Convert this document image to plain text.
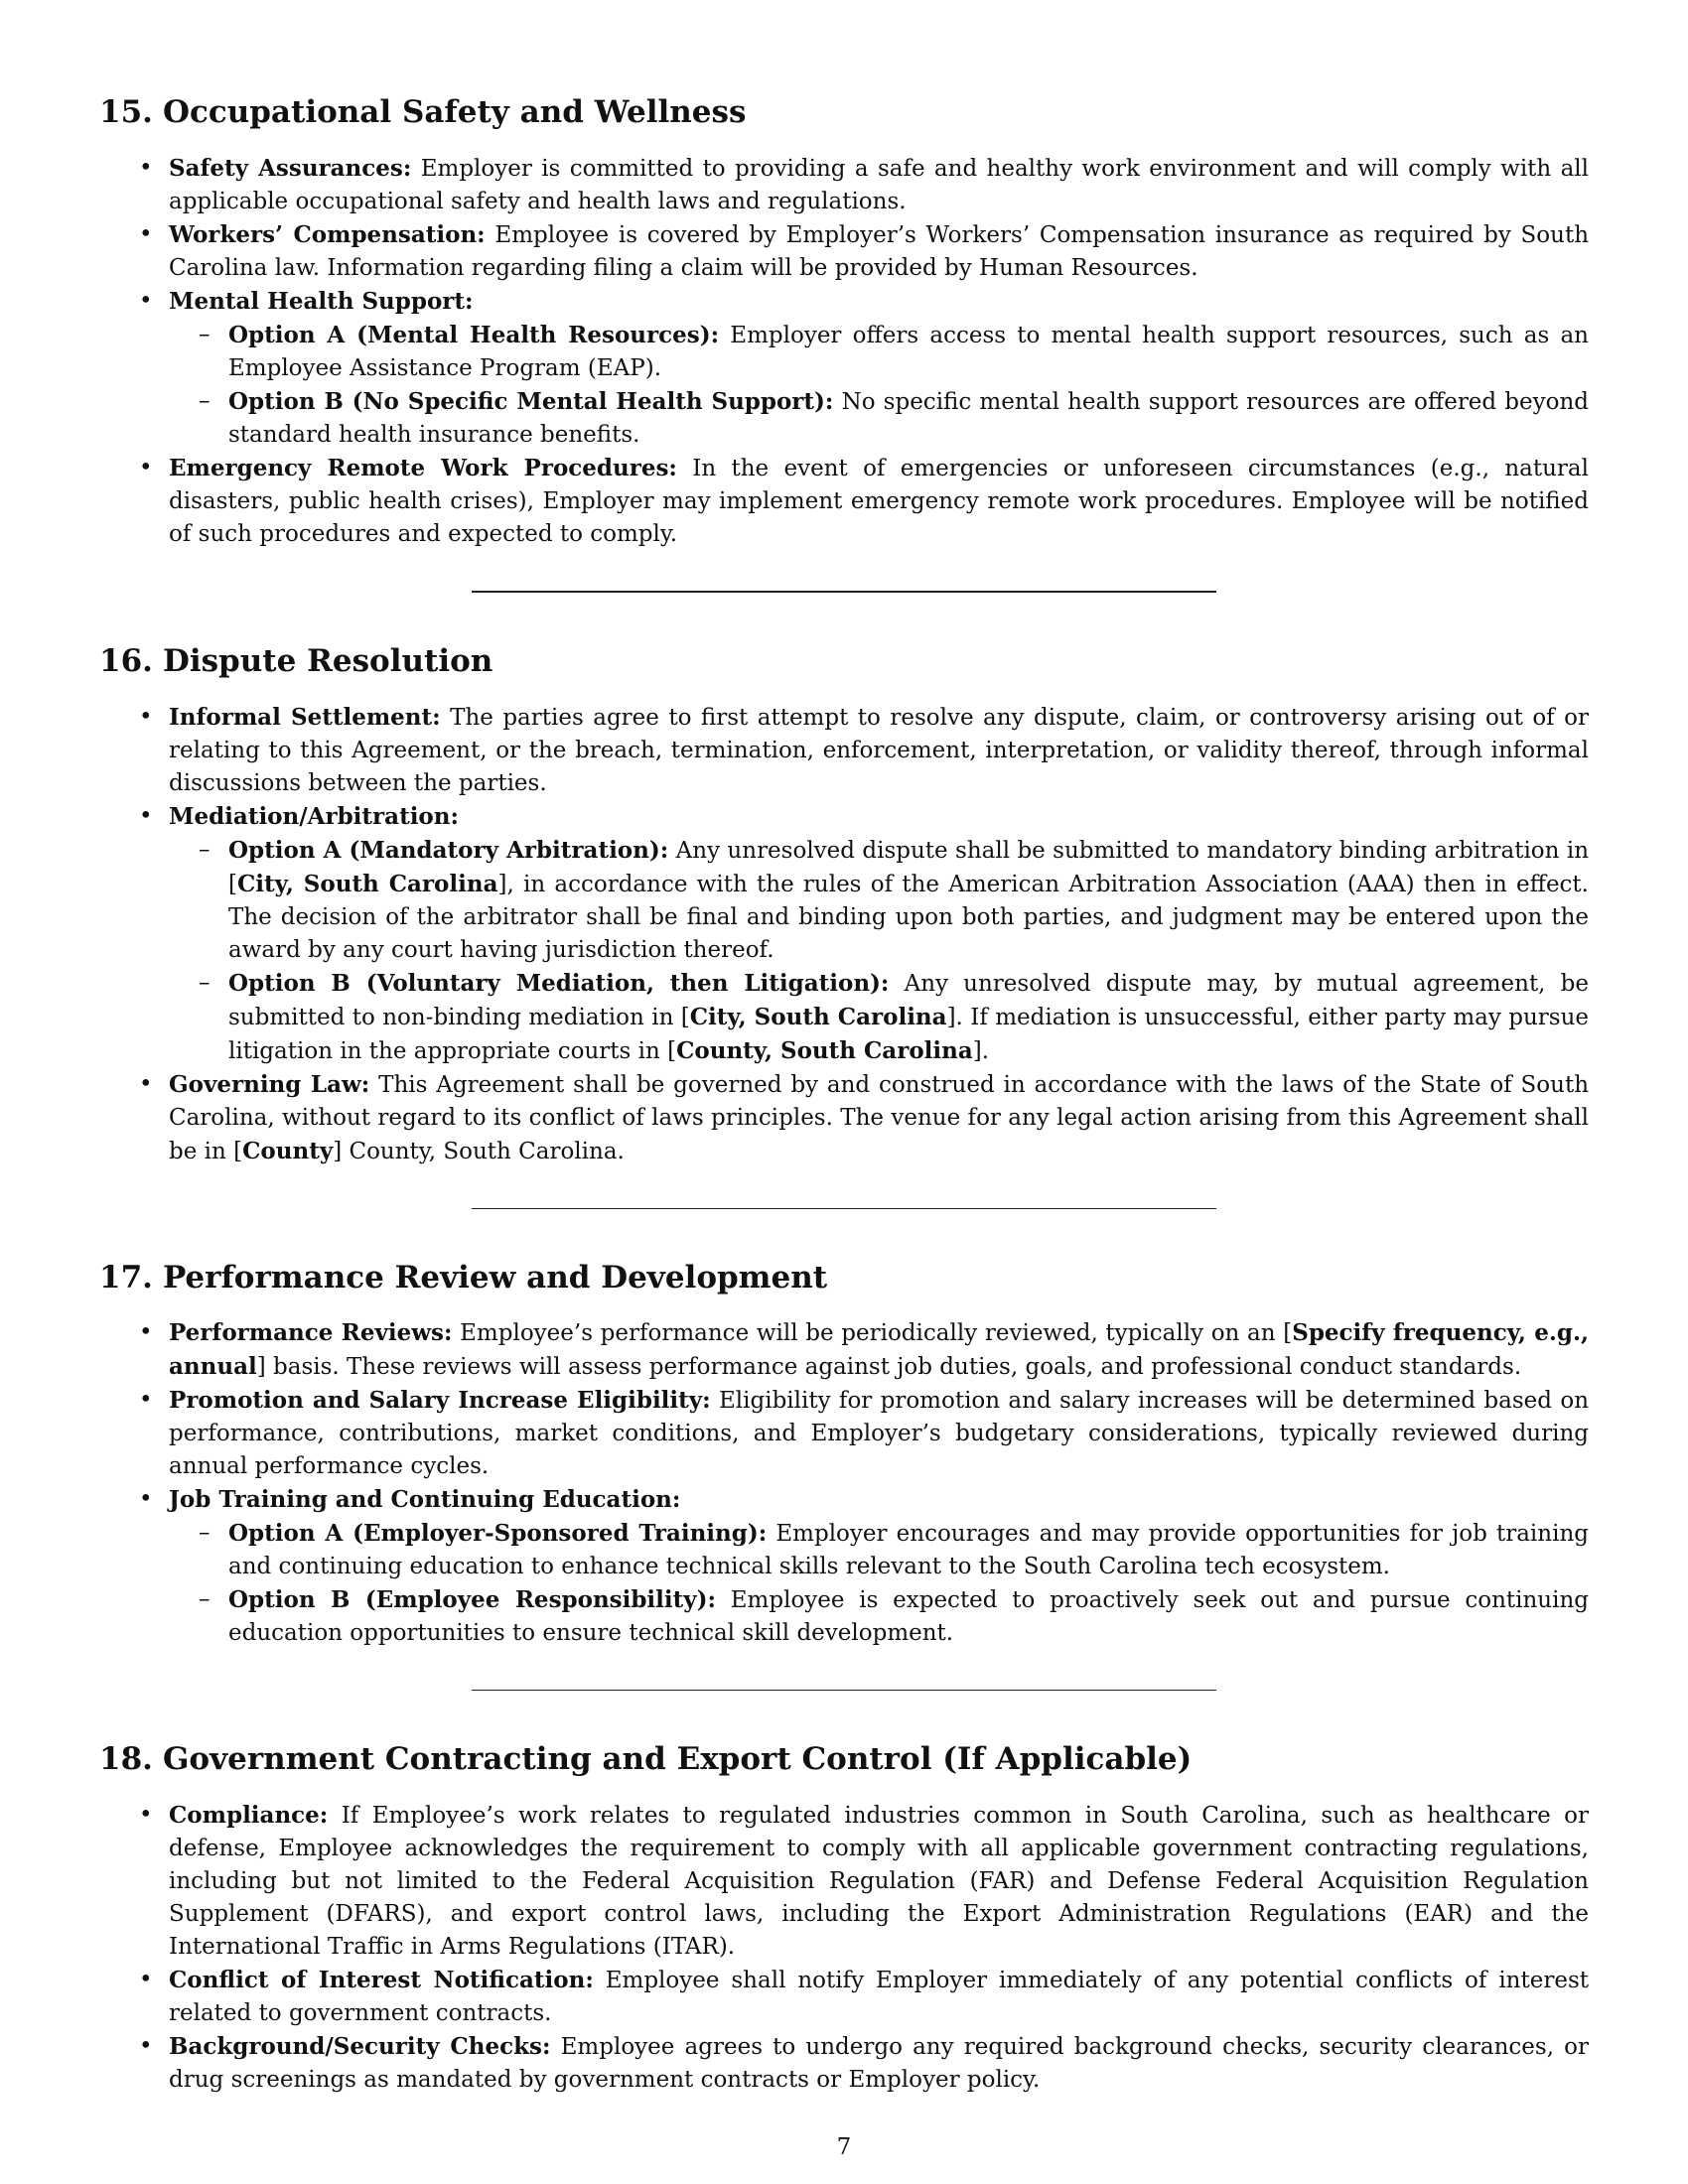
15. Occupational Safety and Wellness
• Safety Assurances: Employer is committed to providing a safe and healthy work environment and will comply with all applicable occupational safety and health laws and regulations.
• Workers’ Compensation: Employee is covered by Employer’s Workers’ Compensation insurance as required by South Carolina law. Information regarding filing a claim will be provided by Human Resources.
• Mental Health Support:
– Option A (Mental Health Resources): Employer offers access to mental health support resources, such as an Employee Assistance Program (EAP).
– Option B (No Specific Mental Health Support): No specific mental health support resources are offered beyond standard health insurance benefits.
• Emergency Remote Work Procedures: In the event of emergencies or unforeseen circumstances (e.g., natural disasters, public health crises), Employer may implement emergency remote work procedures. Employee will be notified of such procedures and expected to comply.
16. Dispute Resolution
• Informal Settlement: The parties agree to first attempt to resolve any dispute, claim, or controversy arising out of or relating to this Agreement, or the breach, termination, enforcement, interpretation, or validity thereof, through informal discussions between the parties.
• Mediation/Arbitration:
– Option A (Mandatory Arbitration): Any unresolved dispute shall be submitted to mandatory binding arbitration in [City, South Carolina], in accordance with the rules of the American Arbitration Association (AAA) then in effect. The decision of the arbitrator shall be final and binding upon both parties, and judgment may be entered upon the award by any court having jurisdiction thereof.
– Option B (Voluntary Mediation, then Litigation): Any unresolved dispute may, by mutual agreement, be submitted to non-binding mediation in [City, South Carolina]. If mediation is unsuccessful, either party may pursue litigation in the appropriate courts in [County, South Carolina].
• Governing Law: This Agreement shall be governed by and construed in accordance with the laws of the State of South Carolina, without regard to its conflict of laws principles. The venue for any legal action arising from this Agreement shall be in [County] County, South Carolina.
17. Performance Review and Development
• Performance Reviews: Employee’s performance will be periodically reviewed, typically on an [Specify frequency, e.g., annual] basis. These reviews will assess performance against job duties, goals, and professional conduct standards.
• Promotion and Salary Increase Eligibility: Eligibility for promotion and salary increases will be determined based on performance, contributions, market conditions, and Employer’s budgetary considerations, typically reviewed during annual performance cycles.
• Job Training and Continuing Education:
– Option A (Employer-Sponsored Training): Employer encourages and may provide opportunities for job training and continuing education to enhance technical skills relevant to the South Carolina tech ecosystem.
– Option B (Employee Responsibility): Employee is expected to proactively seek out and pursue continuing education opportunities to ensure technical skill development.
18. Government Contracting and Export Control (If Applicable)
• Compliance: If Employee’s work relates to regulated industries common in South Carolina, such as healthcare or defense, Employee acknowledges the requirement to comply with all applicable government contracting regulations, including but not limited to the Federal Acquisition Regulation (FAR) and Defense Federal Acquisition Regulation Supplement (DFARS), and export control laws, including the Export Administration Regulations (EAR) and the International Traffic in Arms Regulations (ITAR).
• Conflict of Interest Notification: Employee shall notify Employer immediately of any potential conflicts of interest related to government contracts.
• Background/Security Checks: Employee agrees to undergo any required background checks, security clearances, or drug screenings as mandated by government contracts or Employer policy.
7
